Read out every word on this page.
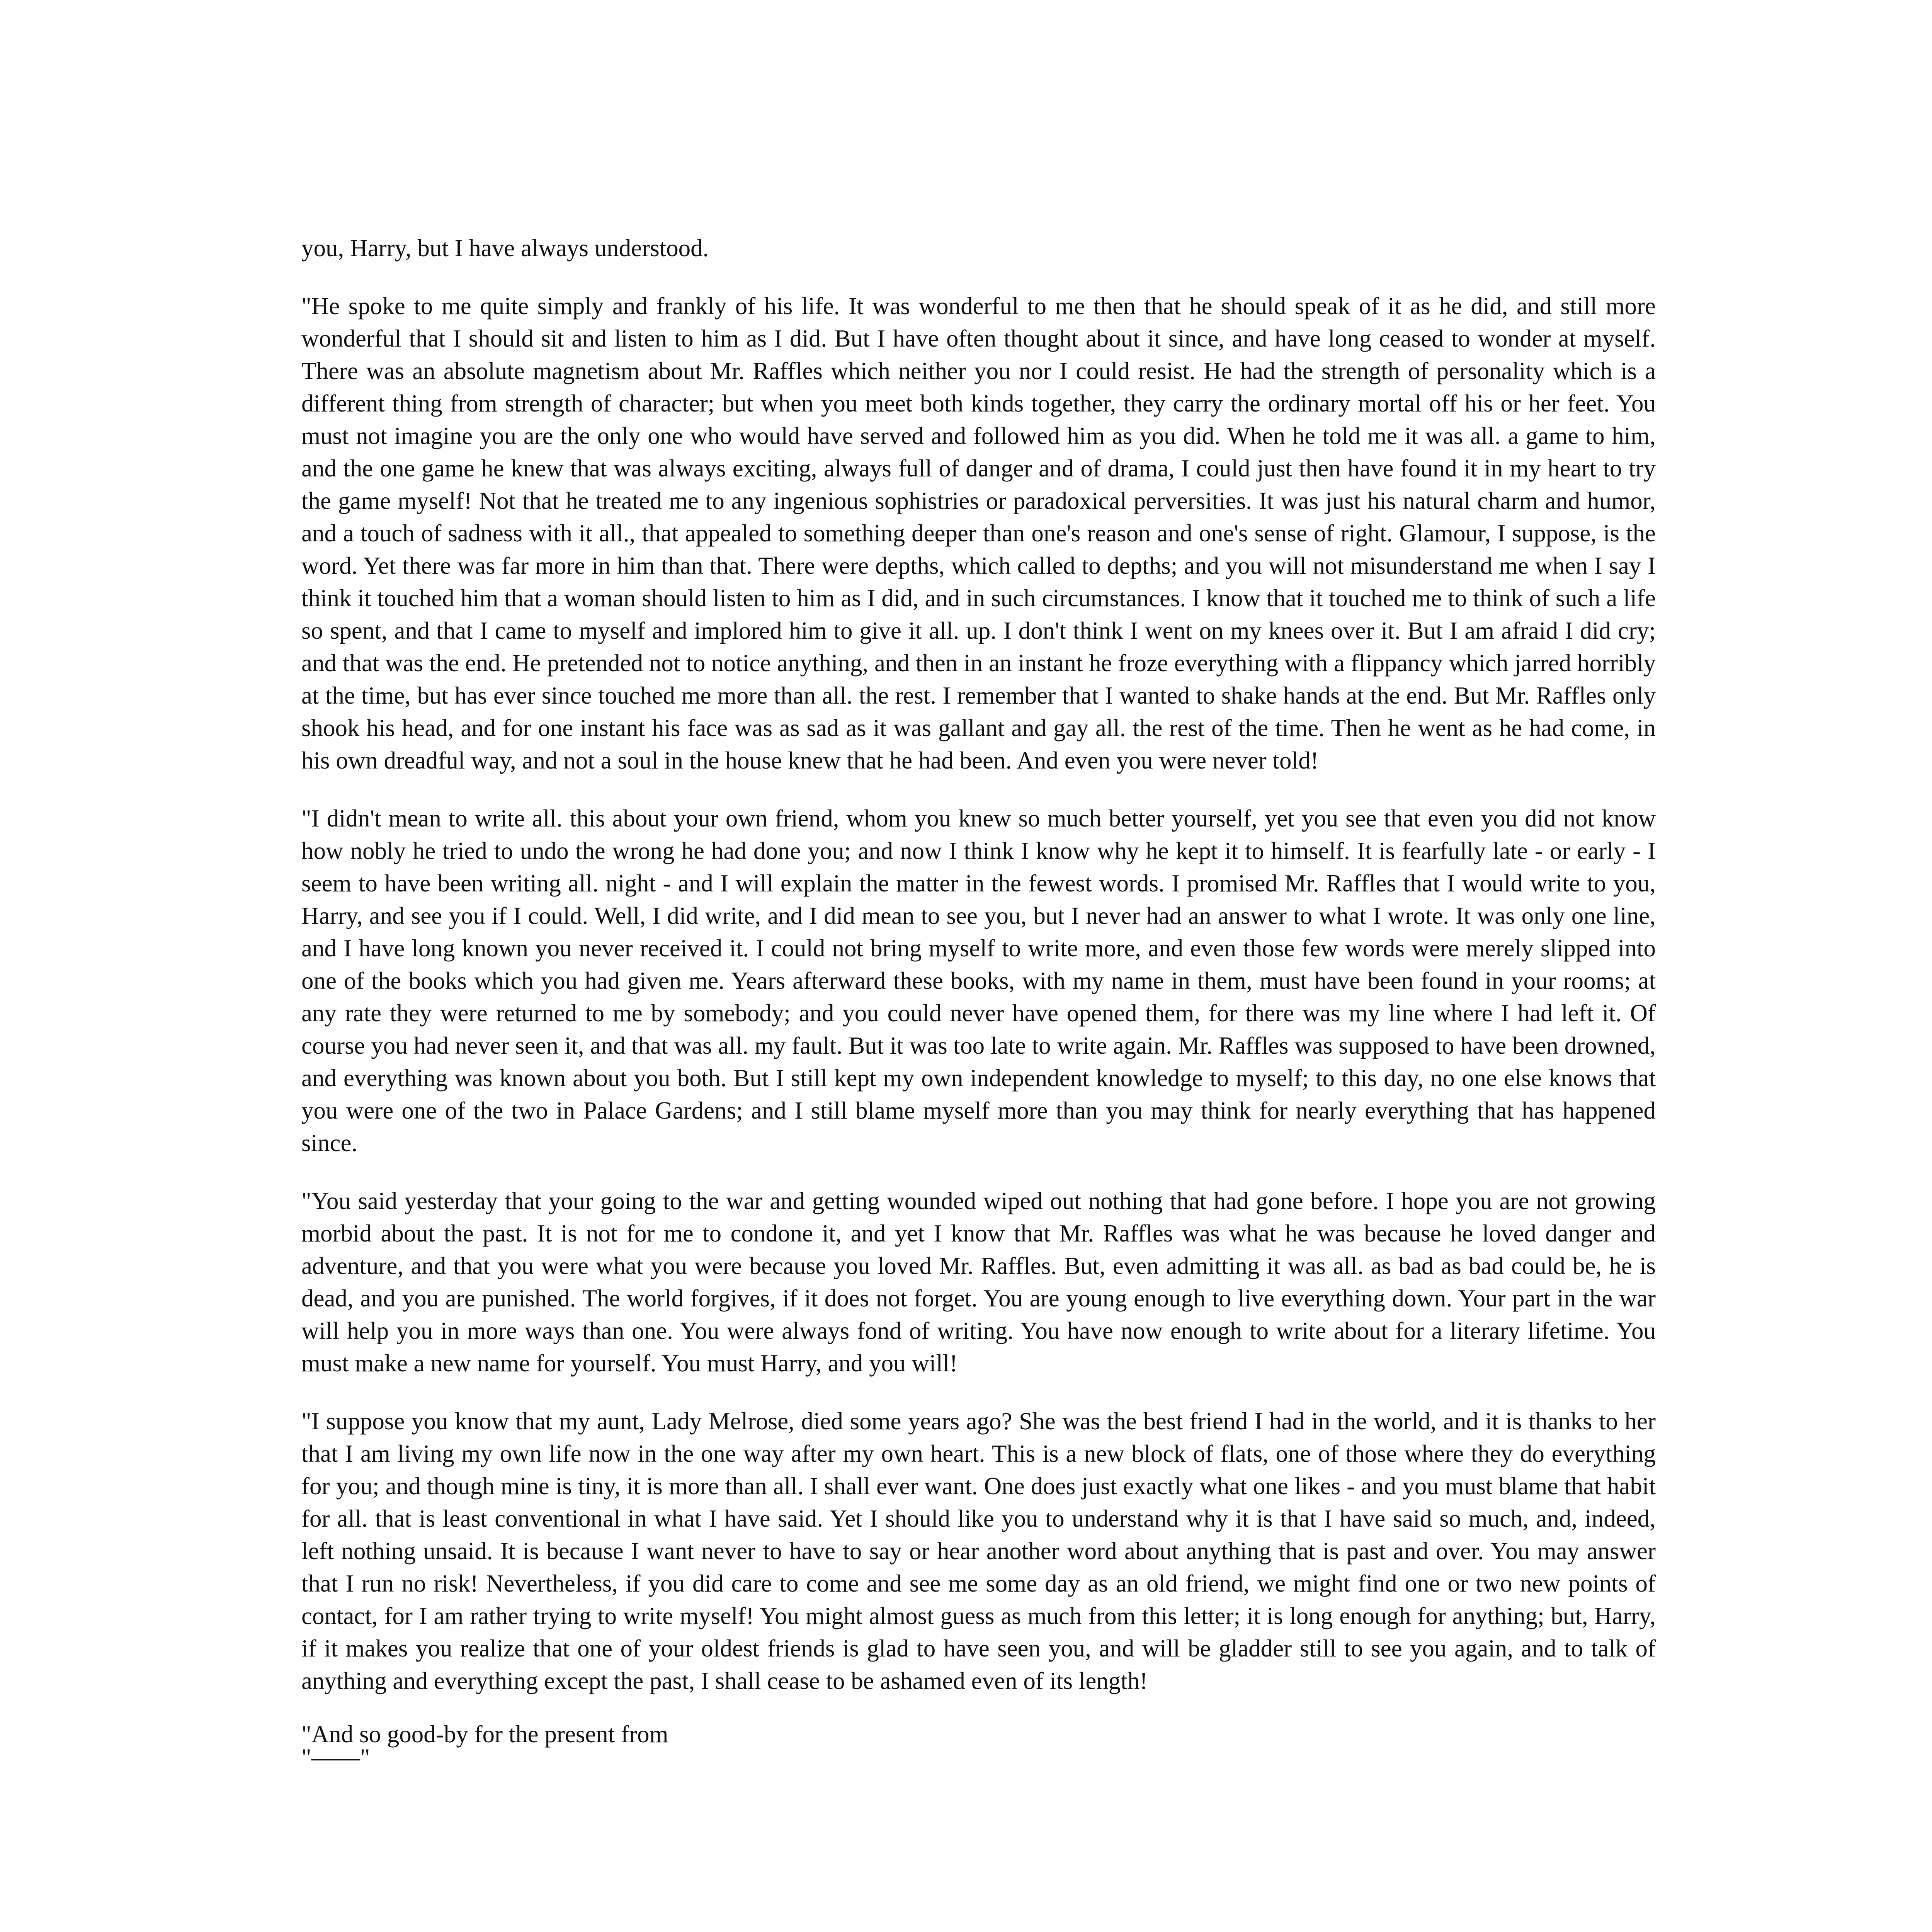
you, Harry, but I have always understood.

"He spoke to me quite simply and frankly of his life. It was wonderful to me then that he should speak of it as he did, and still more wonderful that I should sit and listen to him as I did. But I have often thought about it since, and have long ceased to wonder at myself. There was an absolute magnetism about Mr. Raffles which neither you nor I could resist. He had the strength of personality which is a different thing from strength of character; but when you meet both kinds together, they carry the ordinary mortal off his or her feet. You must not imagine you are the only one who would have served and followed him as you did. When he told me it was all. a game to him, and the one game he knew that was always exciting, always full of danger and of drama, I could just then have found it in my heart to try the game myself! Not that he treated me to any ingenious sophistries or paradoxical perversities. It was just his natural charm and humor, and a touch of sadness with it all., that appealed to something deeper than one's reason and one's sense of right. Glamour, I suppose, is the word. Yet there was far more in him than that. There were depths, which called to depths; and you will not misunderstand me when I say I think it touched him that a woman should listen to him as I did, and in such circumstances. I know that it touched me to think of such a life so spent, and that I came to myself and implored him to give it all. up. I don't think I went on my knees over it. But I am afraid I did cry; and that was the end. He pretended not to notice anything, and then in an instant he froze everything with a flippancy which jarred horribly at the time, but has ever since touched me more than all. the rest. I remember that I wanted to shake hands at the end. But Mr. Raffles only shook his head, and for one instant his face was as sad as it was gallant and gay all. the rest of the time. Then he went as he had come, in his own dreadful way, and not a soul in the house knew that he had been. And even you were never told!

"I didn't mean to write all. this about your own friend, whom you knew so much better yourself, yet you see that even you did not know how nobly he tried to undo the wrong he had done you; and now I think I know why he kept it to himself. It is fearfully late - or early - I seem to have been writing all. night - and I will explain the matter in the fewest words. I promised Mr. Raffles that I would write to you, Harry, and see you if I could. Well, I did write, and I did mean to see you, but I never had an answer to what I wrote. It was only one line, and I have long known you never received it. I could not bring myself to write more, and even those few words were merely slipped into one of the books which you had given me. Years afterward these books, with my name in them, must have been found in your rooms; at any rate they were returned to me by somebody; and you could never have opened them, for there was my line where I had left it. Of course you had never seen it, and that was all. my fault. But it was too late to write again. Mr. Raffles was supposed to have been drowned, and everything was known about you both. But I still kept my own independent knowledge to myself; to this day, no one else knows that you were one of the two in Palace Gardens; and I still blame myself more than you may think for nearly everything that has happened since.

"You said yesterday that your going to the war and getting wounded wiped out nothing that had gone before. I hope you are not growing morbid about the past. It is not for me to condone it, and yet I know that Mr. Raffles was what he was because he loved danger and adventure, and that you were what you were because you loved Mr. Raffles. But, even admitting it was all. as bad as bad could be, he is dead, and you are punished. The world forgives, if it does not forget. You are young enough to live everything down. Your part in the war will help you in more ways than one. You were always fond of writing. You have now enough to write about for a literary lifetime. You must make a new name for yourself. You must Harry, and you will!

"I suppose you know that my aunt, Lady Melrose, died some years ago? She was the best friend I had in the world, and it is thanks to her that I am living my own life now in the one way after my own heart. This is a new block of flats, one of those where they do everything for you; and though mine is tiny, it is more than all. I shall ever want. One does just exactly what one likes - and you must blame that habit for all. that is least conventional in what I have said. Yet I should like you to understand why it is that I have said so much, and, indeed, left nothing unsaid. It is because I want never to have to say or hear another word about anything that is past and over. You may answer that I run no risk! Nevertheless, if you did care to come and see me some day as an old friend, we might find one or two new points of contact, for I am rather trying to write myself! You might almost guess as much from this letter; it is long enough for anything; but, Harry, if it makes you realize that one of your oldest friends is glad to have seen you, and will be gladder still to see you again, and to talk of anything and everything except the past, I shall cease to be ashamed even of its length!

"And so good-by for the present from
"——"
